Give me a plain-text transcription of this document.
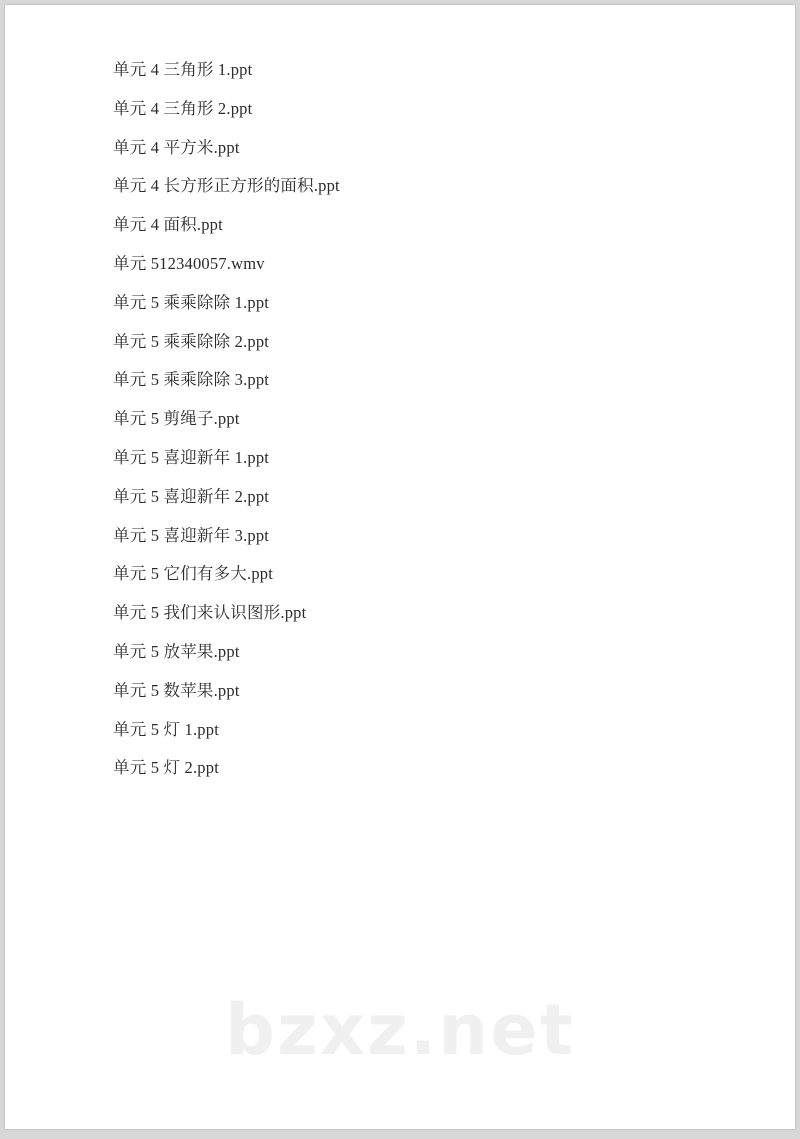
单元 4 三角形 1.ppt
单元 4 三角形 2.ppt
单元 4 平方米.ppt
单元 4 长方形正方形的面积.ppt
单元 4 面积.ppt
单元 512340057.wmv
单元 5 乘乘除除 1.ppt
单元 5 乘乘除除 2.ppt
单元 5 乘乘除除 3.ppt
单元 5 剪绳子.ppt
单元 5 喜迎新年 1.ppt
单元 5 喜迎新年 2.ppt
单元 5 喜迎新年 3.ppt
单元 5 它们有多大.ppt
单元 5 我们来认识图形.ppt
单元 5 放苹果.ppt
单元 5 数苹果.ppt
单元 5 灯 1.ppt
单元 5 灯 2.ppt
bzxz.net
